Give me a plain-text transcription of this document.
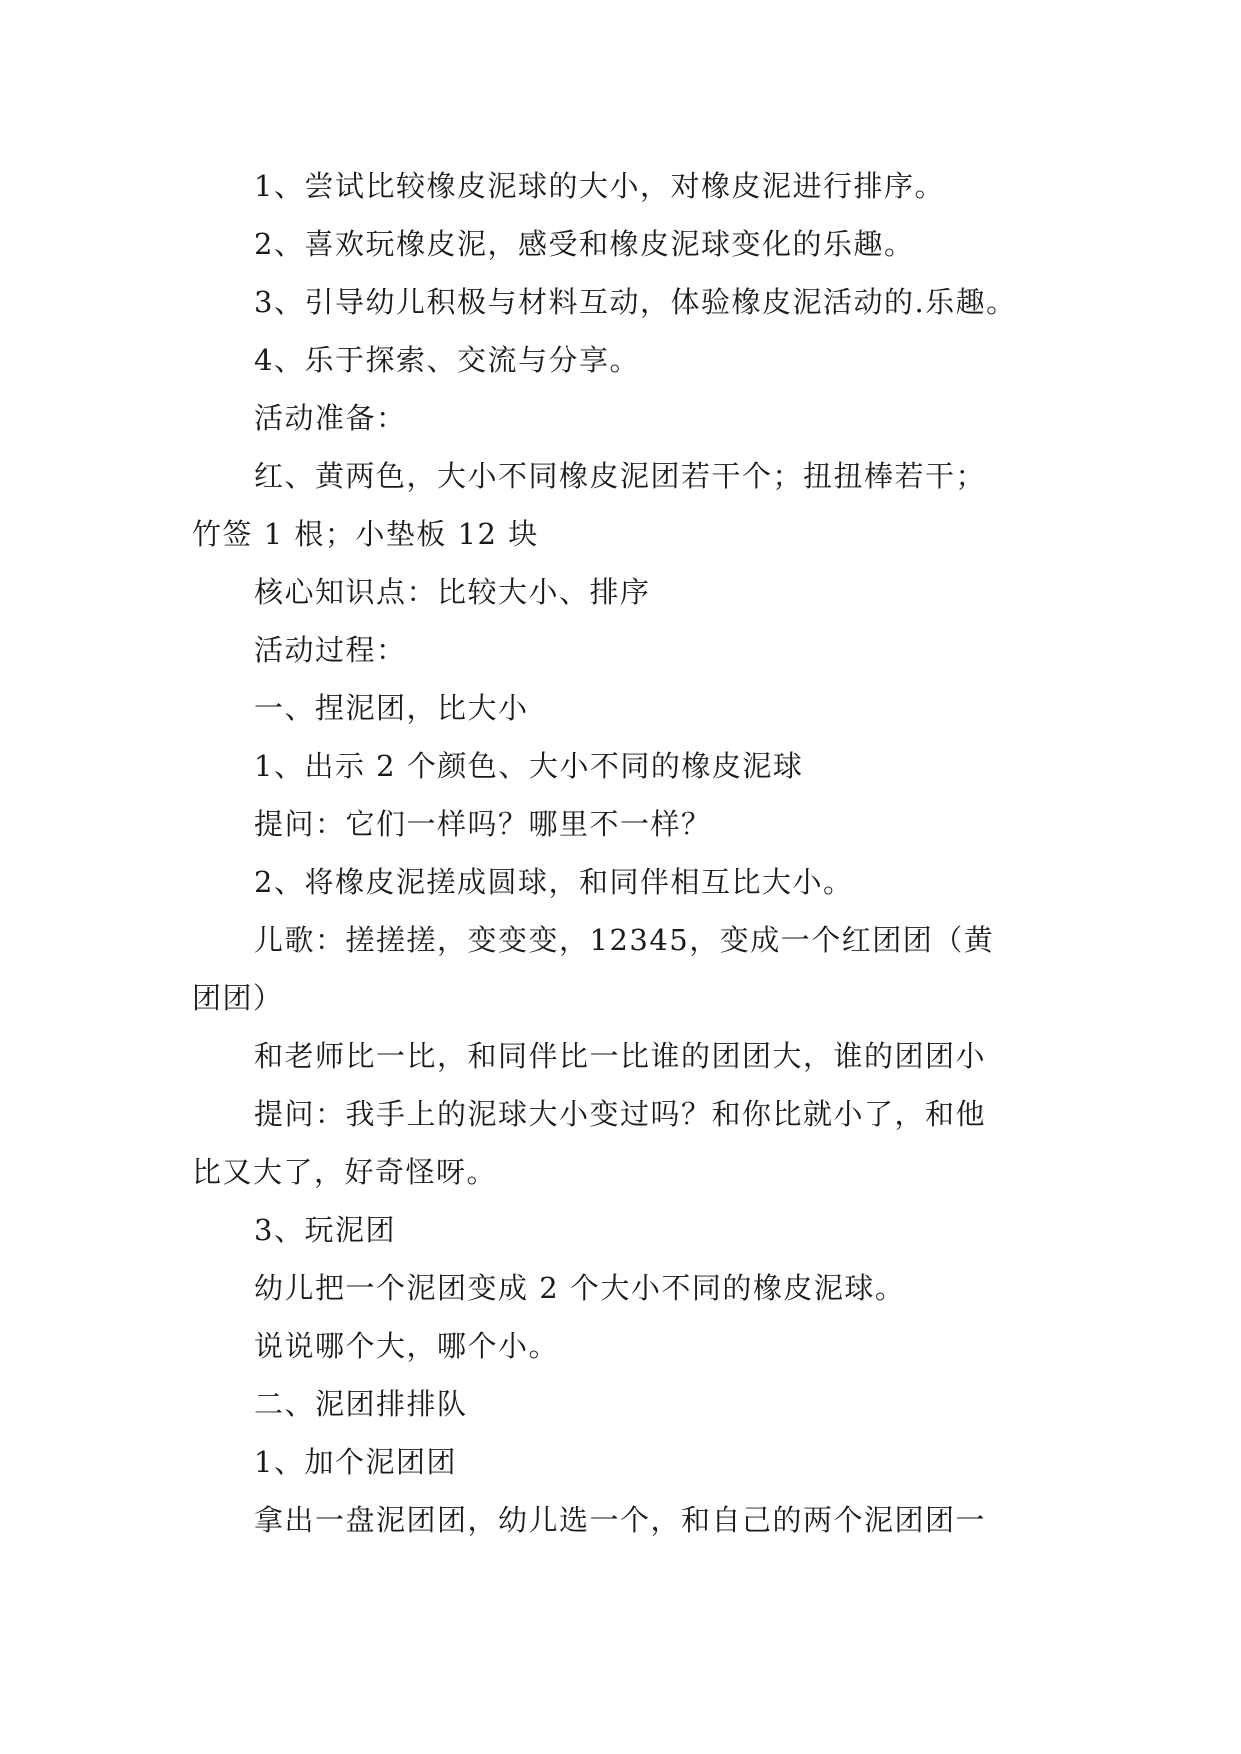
1、尝试比较橡皮泥球的大小，对橡皮泥进行排序。
2、喜欢玩橡皮泥，感受和橡皮泥球变化的乐趣。
3、引导幼儿积极与材料互动，体验橡皮泥活动的.乐趣。
4、乐于探索、交流与分享。
活动准备：
红、黄两色，大小不同橡皮泥团若干个；扭扭棒若干；
竹签 1 根；小垫板 12 块
核心知识点：比较大小、排序
活动过程：
一、捏泥团，比大小
1、出示 2 个颜色、大小不同的橡皮泥球
提问：它们一样吗？哪里不一样？
2、将橡皮泥搓成圆球，和同伴相互比大小。
儿歌：搓搓搓，变变变，12345，变成一个红团团（黄
团团）
和老师比一比，和同伴比一比谁的团团大，谁的团团小
提问：我手上的泥球大小变过吗？和你比就小了，和他
比又大了，好奇怪呀。
3、玩泥团
幼儿把一个泥团变成 2 个大小不同的橡皮泥球。
说说哪个大，哪个小。
二、泥团排排队
1、加个泥团团
拿出一盘泥团团，幼儿选一个，和自己的两个泥团团一
